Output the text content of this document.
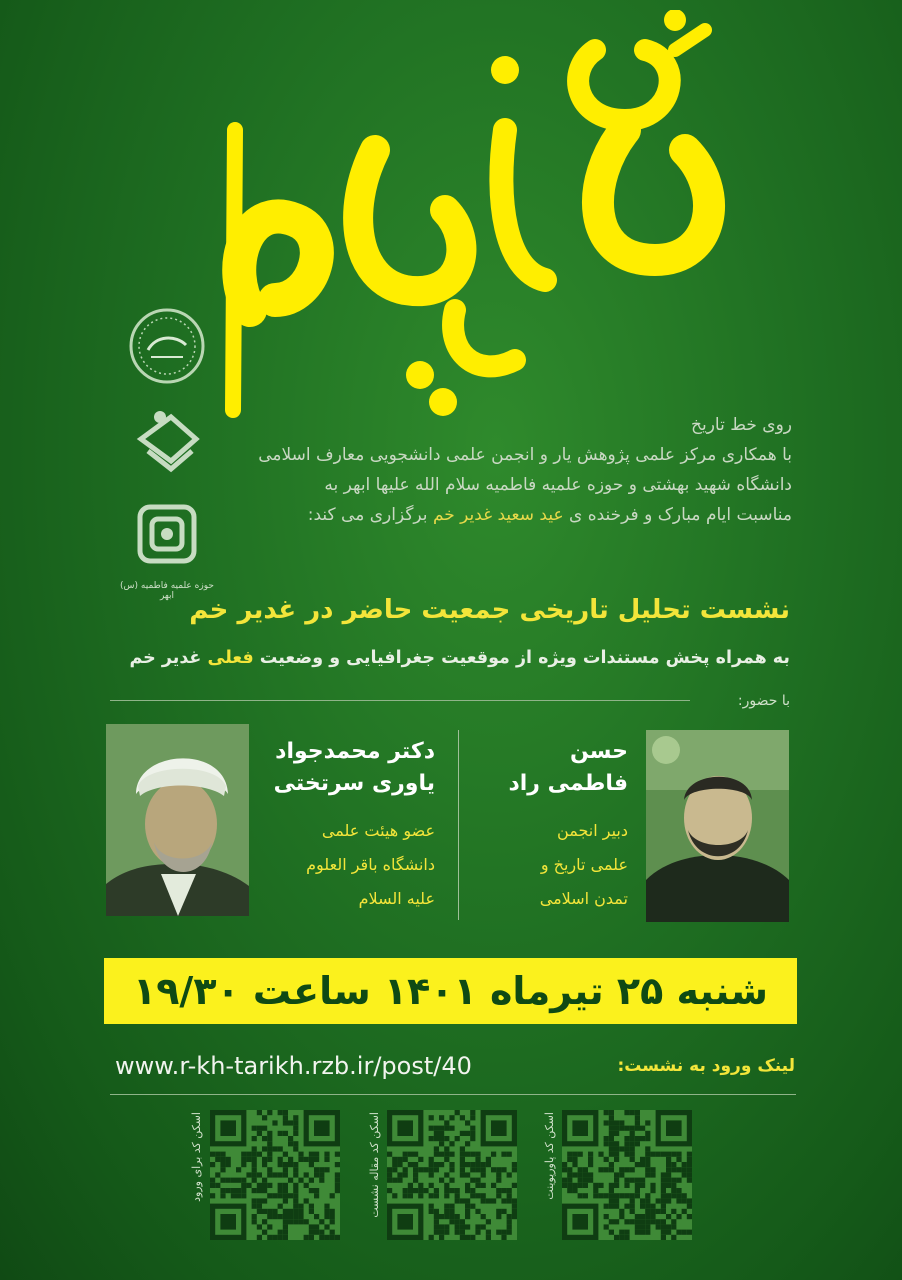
حوزه علمیه فاطمیه (س) ابهر
روی خط تاریخ
با همکاری مرکز علمی پژوهش یار و انجمن علمی دانشجویی معارف اسلامی
دانشگاه شهید بهشتی و حوزه علمیه فاطمیه سلام الله علیها ابهر به
مناسبت ایام مبارک و فرخنده ی عید سعید غدیر خم برگزاری می کند:
نشست تحلیل تاریخی جمعیت حاضر در غدیر خم
به همراه پخش مستندات ویژه از موقعیت جغرافیایی و وضعیت فعلی غدیر خم
با حضور:
حسن
فاطمی راد
دبیر انجمن
علمی تاریخ و
تمدن اسلامی
دکتر محمدجواد
یاوری سرتختی
عضو هیئت علمی
دانشگاه باقر العلوم
علیه السلام
شنبه ۲۵ تیرماه ۱۴۰۱ ساعت ۱۹/۳۰
لینک ورود به نشست:
www.r-kh-tarikh.rzb.ir/post/40
اسکن کد پاورپوینت
اسکن کد مقاله نشست
اسکن کد برای ورود
